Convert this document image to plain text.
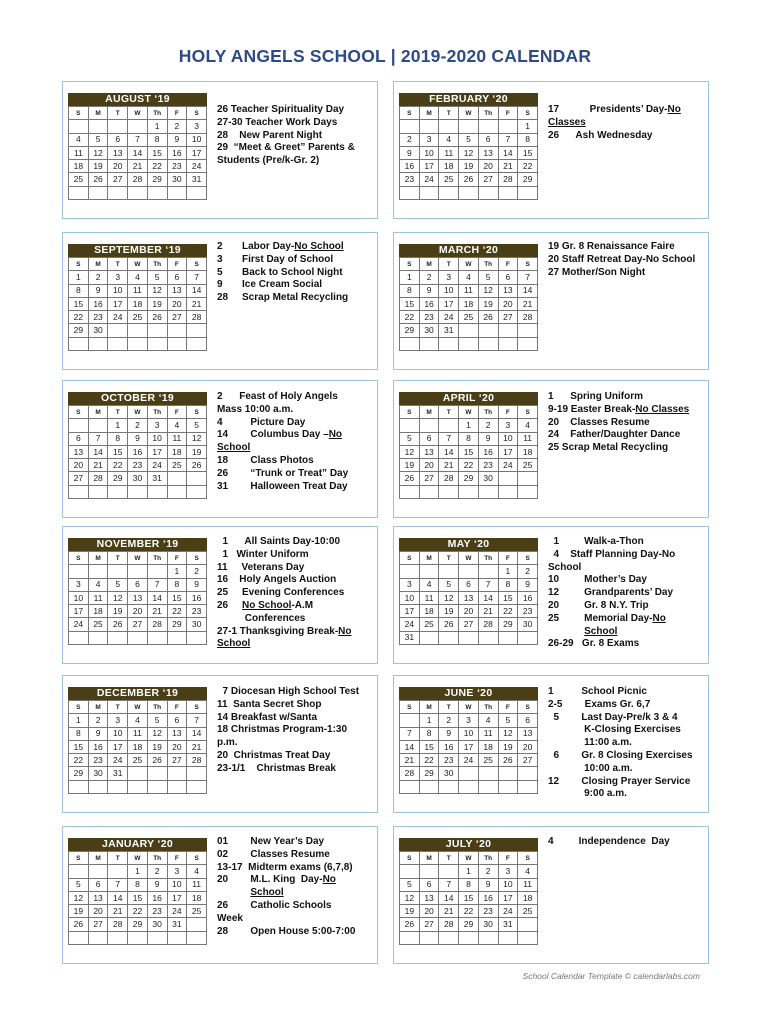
HOLY ANGELS SCHOOL | 2019-2020 CALENDAR
AUGUST ‘19
S	M	T	W	Th	F	S
				1	2	3
4	5	6	7	8	9	10
11	12	13	14	15	16	17
18	19	20	21	22	23	24
25	26	27	28	29	30	31

26 Teacher Spirituality Day
27-30 Teacher Work Days
28    New Parent Night
29  “Meet & Greet” Parents &
Students (Pre/k-Gr. 2)
FEBRUARY ‘20
S	M	T	W	Th	F	S
						1
2	3	4	5	6	7	8
9	10	11	12	13	14	15
16	17	18	19	20	21	22
23	24	25	26	27	28	29

17           Presidents’ Day-No
Classes
26      Ash Wednesday
SEPTEMBER ‘19
S	M	T	W	Th	F	S
1	2	3	4	5	6	7
8	9	10	11	12	13	14
15	16	17	18	19	20	21
22	23	24	25	26	27	28
29	30					

2       Labor Day-No School
3       First Day of School
5       Back to School Night
9       Ice Cream Social
28     Scrap Metal Recycling
MARCH ‘20
S	M	T	W	Th	F	S
1	2	3	4	5	6	7
8	9	10	11	12	13	14
15	16	17	18	19	20	21
22	23	24	25	26	27	28
29	30	31				

19 Gr. 8 Renaissance Faire
20 Staff Retreat Day-No School
27 Mother/Son Night
OCTOBER ‘19
S	M	T	W	Th	F	S
		1	2	3	4	5
6	7	8	9	10	11	12
13	14	15	16	17	18	19
20	21	22	23	24	25	26
27	28	29	30	31		

2      Feast of Holy Angels
Mass 10:00 a.m.
4          Picture Day
14        Columbus Day –No
School
18        Class Photos
26        “Trunk or Treat” Day
31        Halloween Treat Day
APRIL ‘20
S	M	T	W	Th	F	S
			1	2	3	4
5	6	7	8	9	10	11
12	13	14	15	16	17	18
19	20	21	22	23	24	25
26	27	28	29	30		

1      Spring Uniform
9-19 Easter Break-No Classes
20    Classes Resume
24    Father/Daughter Dance
25 Scrap Metal Recycling
NOVEMBER ‘19
S	M	T	W	Th	F	S
					1	2
3	4	5	6	7	8	9
10	11	12	13	14	15	16
17	18	19	20	21	22	23
24	25	26	27	28	29	30

1      All Saints Day-10:00
1   Winter Uniform
11     Veterans Day
16    Holy Angels Auction
25     Evening Conferences
26     No School-A.M
Conferences
27-1 Thanksgiving Break-No
School
MAY ‘20
S	M	T	W	Th	F	S
					1	2
3	4	5	6	7	8	9
10	11	12	13	14	15	16
17	18	19	20	21	22	23
24	25	26	27	28	29	30
31						
1         Walk-a-Thon
4    Staff Planning Day-No
School
10         Mother’s Day
12         Grandparents’ Day
20         Gr. 8 N.Y. Trip
25         Memorial Day-No
School
26-29   Gr. 8 Exams
DECEMBER ‘19
S	M	T	W	Th	F	S
1	2	3	4	5	6	7
8	9	10	11	12	13	14
15	16	17	18	19	20	21
22	23	24	25	26	27	28
29	30	31				

7 Diocesan High School Test
11  Santa Secret Shop
14 Breakfast w/Santa
18 Christmas Program-1:30
p.m.
20  Christmas Treat Day
23-1/1    Christmas Break
JUNE ‘20
S	M	T	W	Th	F	S
	1	2	3	4	5	6
7	8	9	10	11	12	13
14	15	16	17	18	19	20
21	22	23	24	25	26	27
28	29	30				

1          School Picnic
2-5        Exams Gr. 6,7
5        Last Day-Pre/k 3 & 4
K-Closing Exercises
11:00 a.m.
6        Gr. 8 Closing Exercises
10:00 a.m.
12        Closing Prayer Service
9:00 a.m.
JANUARY ‘20
S	M	T	W	Th	F	S
			1	2	3	4
5	6	7	8	9	10	11
12	13	14	15	16	17	18
19	20	21	22	23	24	25
26	27	28	29	30	31	

01        New Year’s Day
02        Classes Resume
13-17  Midterm exams (6,7,8)
20        M.L. King  Day-No
School
26        Catholic Schools
Week
28        Open House 5:00-7:00
JULY ‘20
S	M	T	W	Th	F	S
			1	2	3	4
5	6	7	8	9	10	11
12	13	14	15	16	17	18
19	20	21	22	23	24	25
26	27	28	29	30	31	

4         Independence  Day
School Calendar Template © calendarlabs.com
